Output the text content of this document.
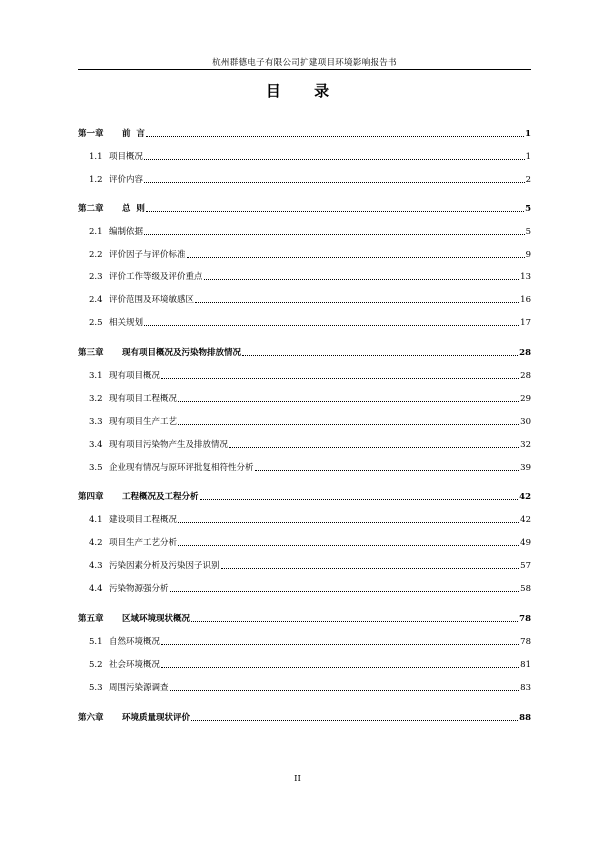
杭州群德电子有限公司扩建项目环境影响报告书
目 录
第一章 前  言	1
1.1 项目概况	1
1.2 评价内容	2
第二章 总  则	5
2.1 编制依据	5
2.2 评价因子与评价标准	9
2.3 评价工作等级及评价重点	13
2.4 评价范围及环境敏感区	16
2.5 相关规划	17
第三章 现有项目概况及污染物排放情况	28
3.1 现有项目概况	28
3.2 现有项目工程概况	29
3.3 现有项目生产工艺	30
3.4 现有项目污染物产生及排放情况	32
3.5 企业现有情况与原环评批复相符性分析	39
第四章 工程概况及工程分析	42
4.1 建设项目工程概况	42
4.2 项目生产工艺分析	49
4.3 污染因素分析及污染因子识别	57
4.4 污染物源强分析	58
第五章 区域环境现状概况	78
5.1 自然环境概况	78
5.2 社会环境概况	81
5.3 周围污染源调查	83
第六章 环境质量现状评价	88
II
